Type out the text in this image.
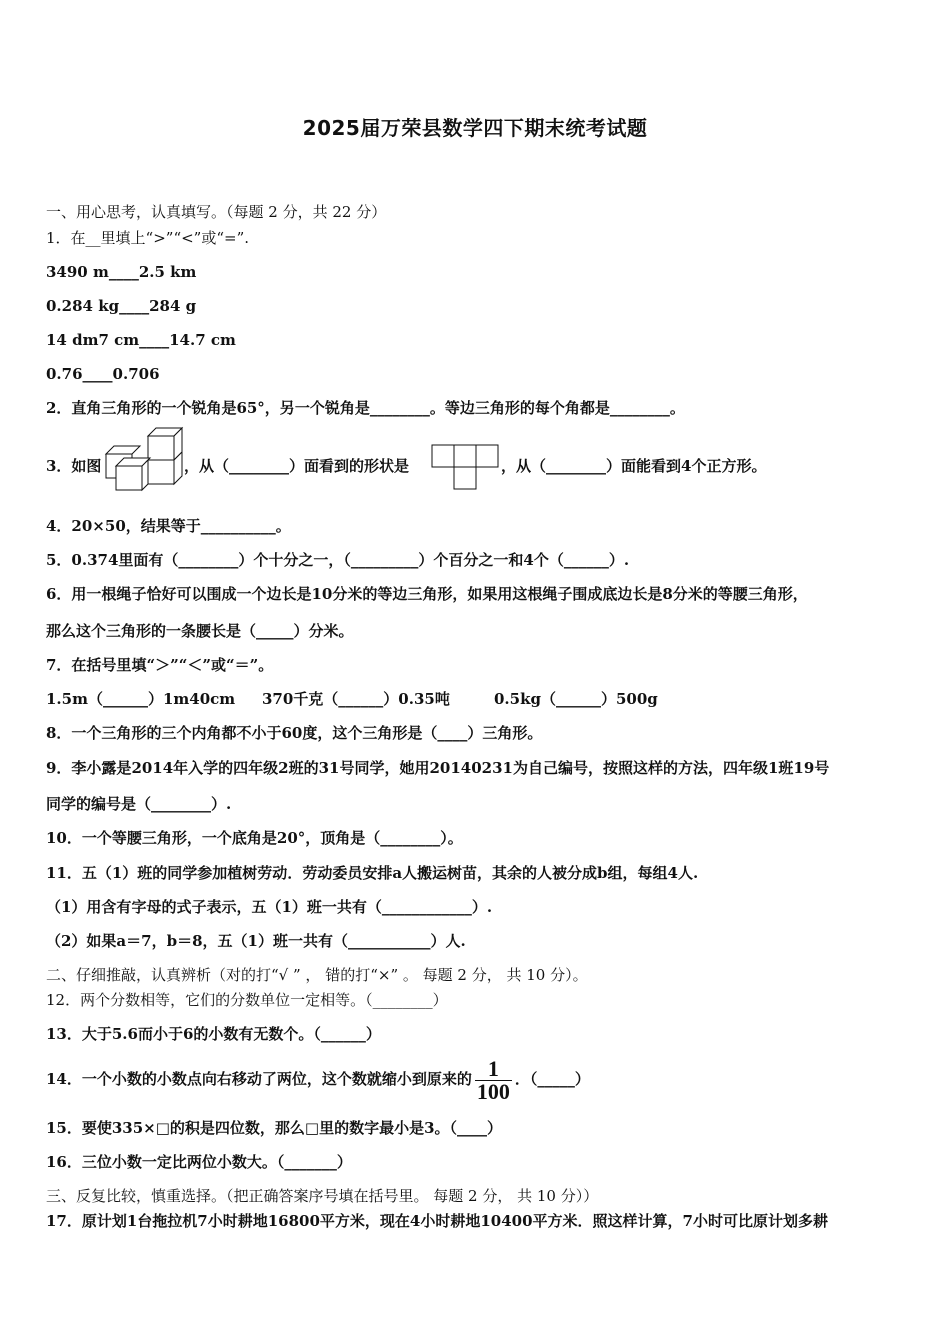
2025届万荣县数学四下期末统考试题
一、用心思考，认真填写。（每题 2 分，共 22 分）
1．在__里填上“>”“<”或“=”.
3490 m____2.5 km
0.284 kg____284 g
14 dm7 cm____14.7 cm
0.76____0.706
2．直角三角形的一个锐角是65°，另一个锐角是________。等边三角形的每个角都是________。
3．如图	，从（________）面看到的形状是	，从（________）面能看到4个正方形。
4．20×50，结果等于__________。
5．0.374里面有（________）个十分之一，（_________）个百分之一和4个（______）.
6．用一根绳子恰好可以围成一个边长是10分米的等边三角形，如果用这根绳子围成底边长是8分米的等腰三角形，
那么这个三角形的一条腰长是（_____）分米。
7．在括号里填“＞”“＜”或“＝”。
1.5m（______）1m40cm 370千克（______）0.35吨	0.5kg（______）500g
8．一个三角形的三个内角都不小于60度，这个三角形是（____）三角形。
9．李小露是2014年入学的四年级2班的31号同学，她用20140231为自己编号，按照这样的方法，四年级1班19号
同学的编号是（________）.
10．一个等腰三角形，一个底角是20°，顶角是（________）。
11．五（1）班的同学参加植树劳动．劳动委员安排a人搬运树苗，其余的人被分成b组，每组4人.
（1）用含有字母的式子表示，五（1）班一共有（____________）.
（2）如果a＝7，b＝8，五（1）班一共有（___________）人.
二、仔细推敲，认真辨析（对的打“√ ” ， 错的打“×” 。 每题 2 分， 共 10 分）。
12．两个分数相等，它们的分数单位一定相等。（________）
13．大于5.6而小于6的小数有无数个。（______）
14．一个小数的小数点向右移动了两位，这个数就缩小到原来的 $\frac{1}{100}$ ．（_____）
15．要使335×□的积是四位数，那么□里的数字最小是3。（____）
16．三位小数一定比两位小数大。（_______）
三、反复比较，慎重选择。（把正确答案序号填在括号里。 每题 2 分， 共 10 分））
17．原计划1台拖拉机7小时耕地16800平方米，现在4小时耕地10400平方米．照这样计算，7小时可比原计划多耕
